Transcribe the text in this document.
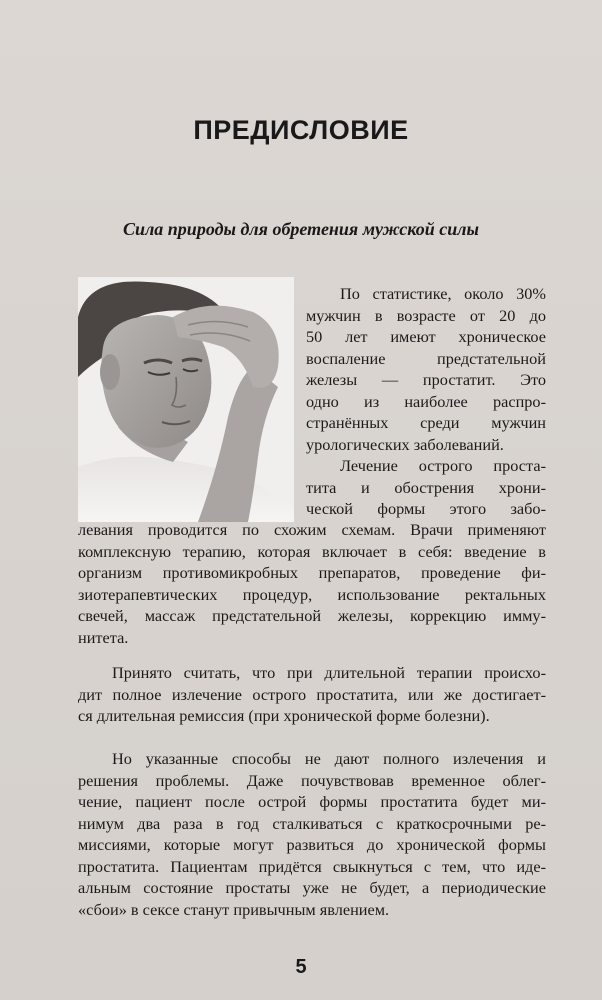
ПРЕДИСЛОВИЕ
Сила природы для обретения мужской силы
По статистике, около 30%
мужчин в возрасте от 20 до
50 лет имеют хроническое
воспаление предстательной
железы — простатит. Это
одно из наиболее распро-
странённых среди мужчин
урологических заболеваний.
Лечение острого проста-
тита и обострения хрони-
ческой формы этого забо-
левания проводится по схожим схемам. Врачи применяют
комплексную терапию, которая включает в себя: введение в
организм противомикробных препаратов, проведение фи-
зиотерапевтических процедур, использование ректальных
свечей, массаж предстательной железы, коррекцию иммy-
нитета.
Принято считать, что при длительной терапии происхо-
дит полное излечение острого простатита, или же достигает-
ся длительная ремиссия (при хронической форме болезни).
Но указанные способы не дают полного излечения и
решения проблемы. Даже почувствовав временное облег-
чение, пациент после острой формы простатита будет ми-
нимум два раза в год сталкиваться с краткосрочными ре-
миссиями, которые могут развиться до хронической формы
простатита. Пациентам придётся свыкнуться с тем, что иде-
альным состояние простаты уже не будет, а периодические
«сбои» в сексе станут привычным явлением.
5
